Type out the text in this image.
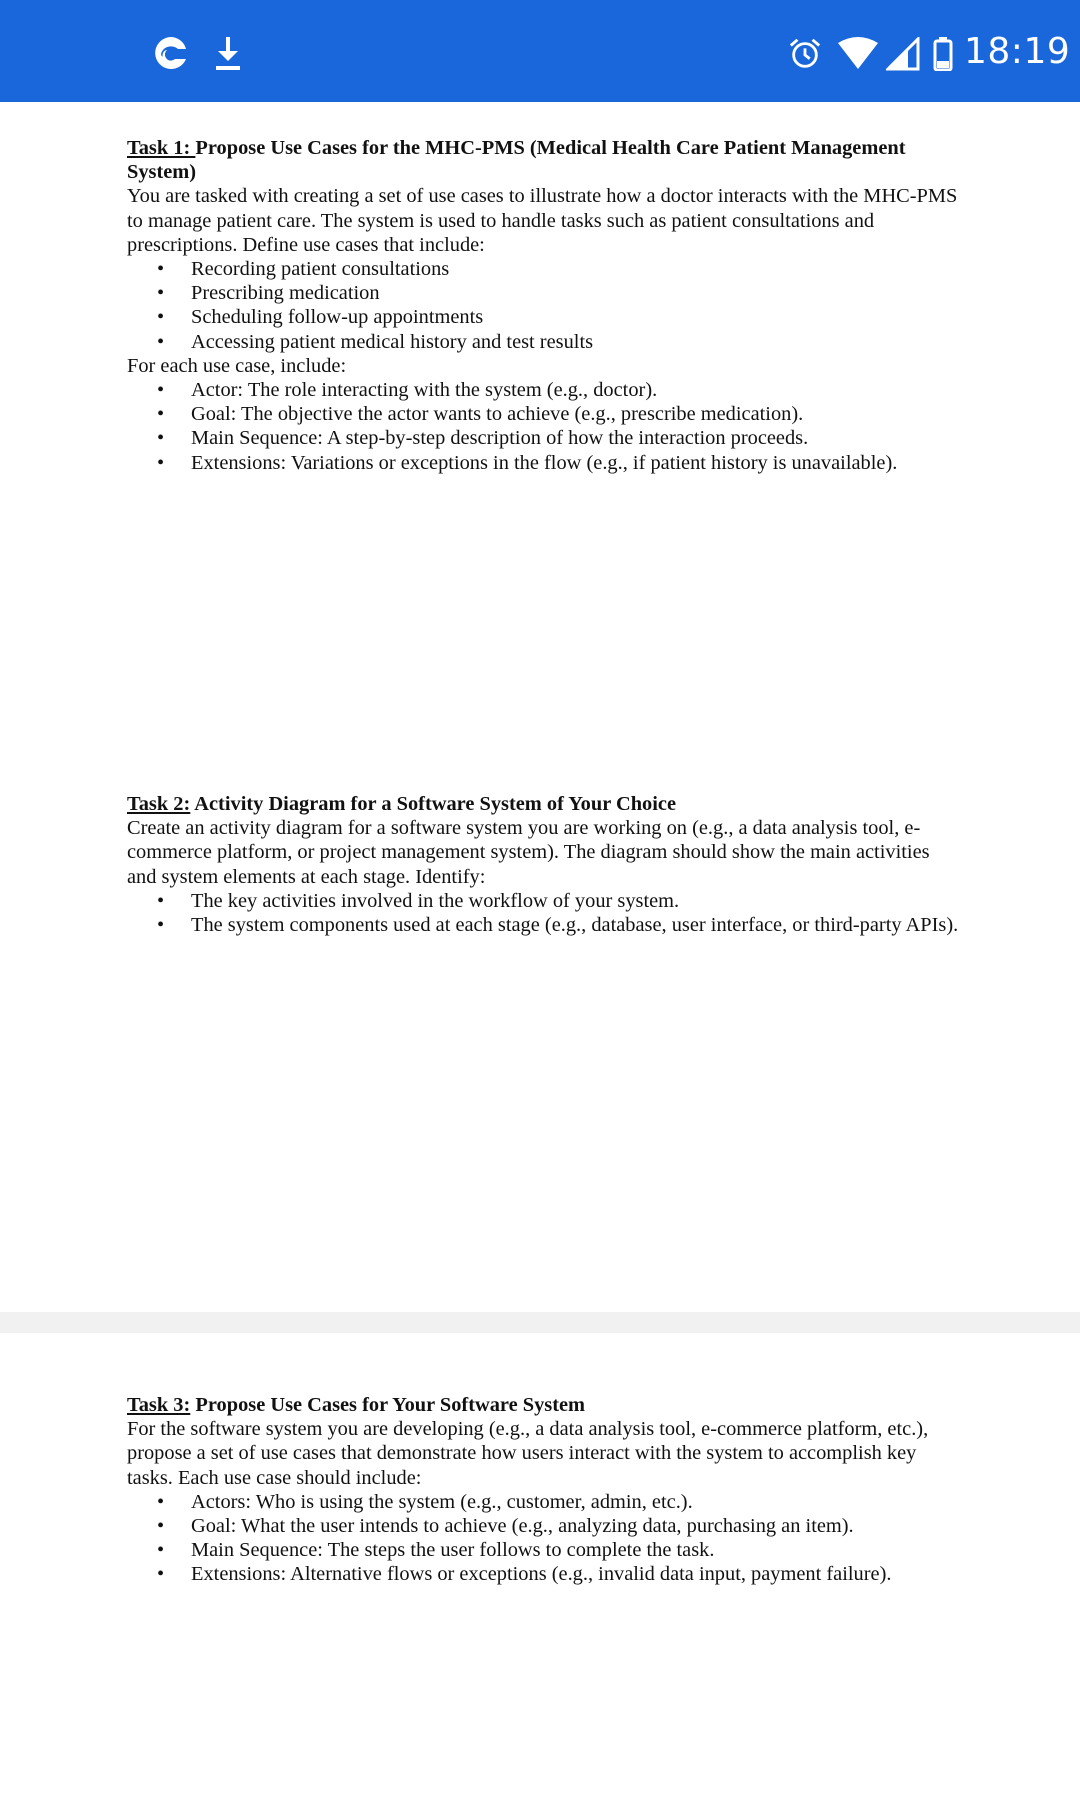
18:19

Task 1: Propose Use Cases for the MHC-PMS (Medical Health Care Patient Management System)

You are tasked with creating a set of use cases to illustrate how a doctor interacts with the MHC-PMS to manage patient care. The system is used to handle tasks such as patient consultations and prescriptions. Define use cases that include:

• Recording patient consultations
• Prescribing medication
• Scheduling follow-up appointments
• Accessing patient medical history and test results

For each use case, include:

• Actor: The role interacting with the system (e.g., doctor).
• Goal: The objective the actor wants to achieve (e.g., prescribe medication).
• Main Sequence: A step-by-step description of how the interaction proceeds.
• Extensions: Variations or exceptions in the flow (e.g., if patient history is unavailable).

Task 2: Activity Diagram for a Software System of Your Choice

Create an activity diagram for a software system you are working on (e.g., a data analysis tool, e-commerce platform, or project management system). The diagram should show the main activities and system elements at each stage. Identify:

• The key activities involved in the workflow of your system.
• The system components used at each stage (e.g., database, user interface, or third-party APIs).

Task 3: Propose Use Cases for Your Software System

For the software system you are developing (e.g., a data analysis tool, e-commerce platform, etc.), propose a set of use cases that demonstrate how users interact with the system to accomplish key tasks. Each use case should include:

• Actors: Who is using the system (e.g., customer, admin, etc.).
• Goal: What the user intends to achieve (e.g., analyzing data, purchasing an item).
• Main Sequence: The steps the user follows to complete the task.
• Extensions: Alternative flows or exceptions (e.g., invalid data input, payment failure).
